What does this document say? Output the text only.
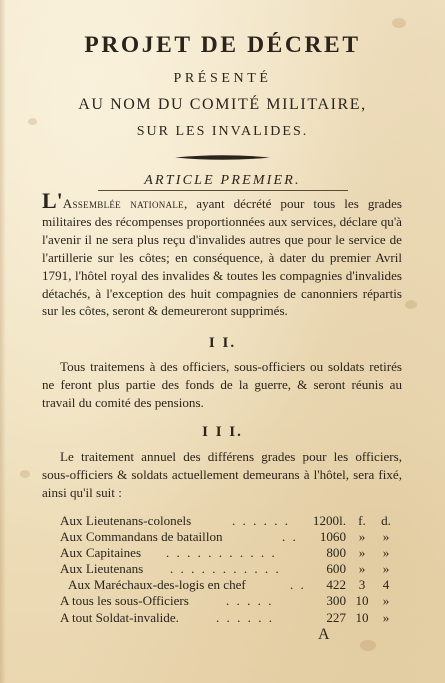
PROJET DE DÉCRET
PRÉSENTÉ
AU NOM DU COMITÉ MILITAIRE,
SUR LES INVALIDES.
ARTICLE PREMIER.

L'Assemblée nationale, ayant décrété pour tous les grades militaires des récompenses proportionnées aux services, déclare qu'à l'avenir il ne sera plus reçu d'invalides autres que pour le service de l'artillerie sur les côtes; en conséquence, à dater du premier Avril 1791, l'hôtel royal des invalides & toutes les compagnies d'invalides détachés, à l'exception des huit compagnies de canonniers répartis sur les côtes, seront & demeureront supprimés.

I I.

Tous traitemens à des officiers, sous-officiers ou soldats retirés ne feront plus partie des fonds de la guerre, & seront réunis au travail du comité des pensions.

I I I.

Le traitement annuel des différens grades pour les officiers, sous-officiers & soldats actuellement demeurans à l'hôtel, sera fixé, ainsi qu'il suit :

Aux Lieutenans-colonels	. . . . . . 1200l. f.	d.
Aux Commandans de bataillon	. .	1060 »	»
Aux Capitaines . . . . . . . . . . .	800 »	»
Aux Lieutenans . . . . . . . . . . .	600 »	»
Aux Maréchaux-des-logis en chef	. .	422 3	4
A tous les sous-Officiers	. . . . .	300 10	»
A tout Soldat-invalide.	. . . . . .	227 10	»
A
